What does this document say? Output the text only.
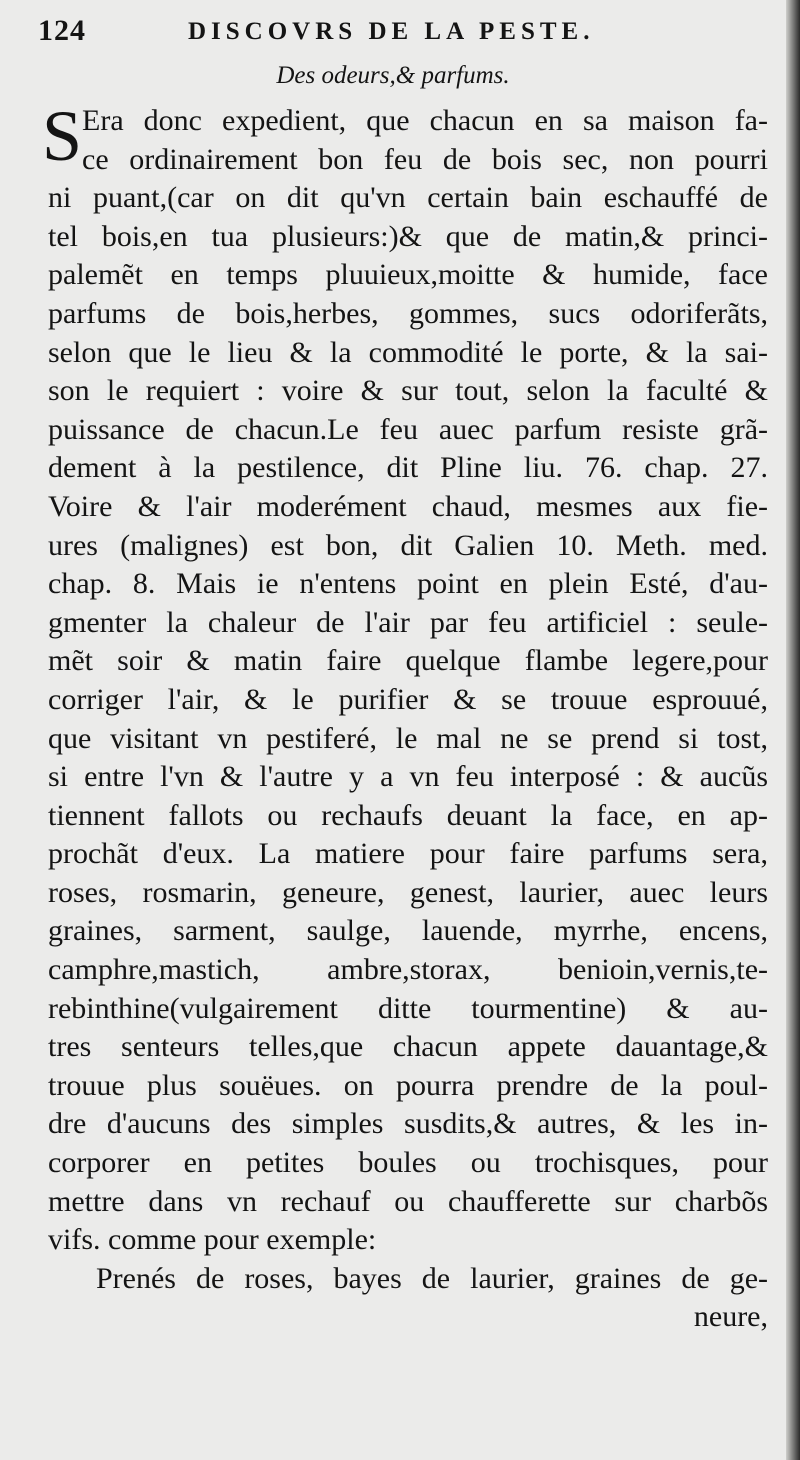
124	DISCOVRS DE LA PESTE.
Des odeurs,& parfums.
S Era donc expedient, que chacun en sa maison fa-
ce ordinairement bon feu de bois sec, non pourri
ni puant,(car on dit qu'vn certain bain eschauffé de
tel bois,en tua plusieurs:)& que de matin,& princi-
palemẽt en temps pluuieux,moitte & humide, face
parfums de bois,herbes, gommes, sucs odoriferãts,
selon que le lieu & la commodité le porte, & la sai-
son le requiert : voire & sur tout, selon la faculté &
puissance de chacun.Le feu auec parfum resiste grã-
dement à la pestilence, dit Pline liu. 76. chap. 27.
Voire & l'air moderément chaud, mesmes aux fie-
ures (malignes) est bon, dit Galien 10. Meth. med.
chap. 8. Mais ie n'entens point en plein Esté, d'au-
gmenter la chaleur de l'air par feu artificiel : seule-
mẽt soir & matin faire quelque flambe legere,pour
corriger l'air, & le purifier & se trouue esprouué,
que visitant vn pestiferé, le mal ne se prend si tost,
si entre l'vn & l'autre y a vn feu interposé : & aucũs
tiennent fallots ou rechaufs deuant la face, en ap-
prochãt d'eux. La matiere pour faire parfums sera,
roses, rosmarin, geneure, genest, laurier, auec leurs
graines, sarment, saulge, lauende, myrrhe, encens,
camphre,mastich, ambre,storax, benioin,vernis,te-
rebinthine(vulgairement ditte tourmentine) & au-
tres senteurs telles,que chacun appete dauantage,&
trouue plus souëues. on pourra prendre de la poul-
dre d'aucuns des simples susdits,& autres, & les in-
corporer en petites boules ou trochisques, pour
mettre dans vn rechauf ou chaufferette sur charbõs
vifs. comme pour exemple:
Prenés de roses, bayes de laurier, graines de ge-
neure,
